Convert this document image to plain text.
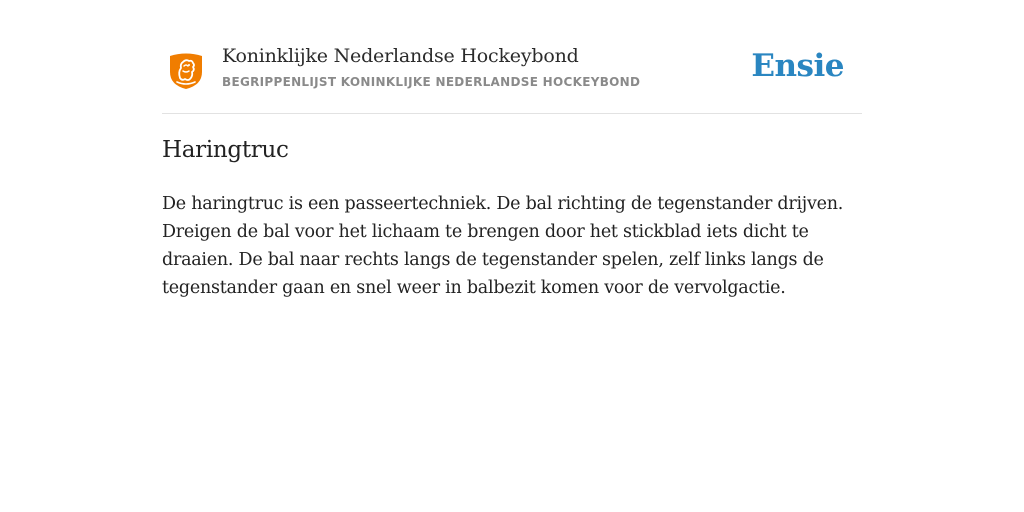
Koninklijke Nederlandse Hockeybond
BEGRIPPENLIJST KONINKLIJKE NEDERLANDSE HOCKEYBOND	Ensie
Haringtruc

De haringtruc is een passeertechniek. De bal richting de tegenstander drijven. Dreigen de bal voor het lichaam te brengen door het stickblad iets dicht te draaien. De bal naar rechts langs de tegenstander spelen, zelf links langs de tegenstander gaan en snel weer in balbezit komen voor de vervolgactie.
